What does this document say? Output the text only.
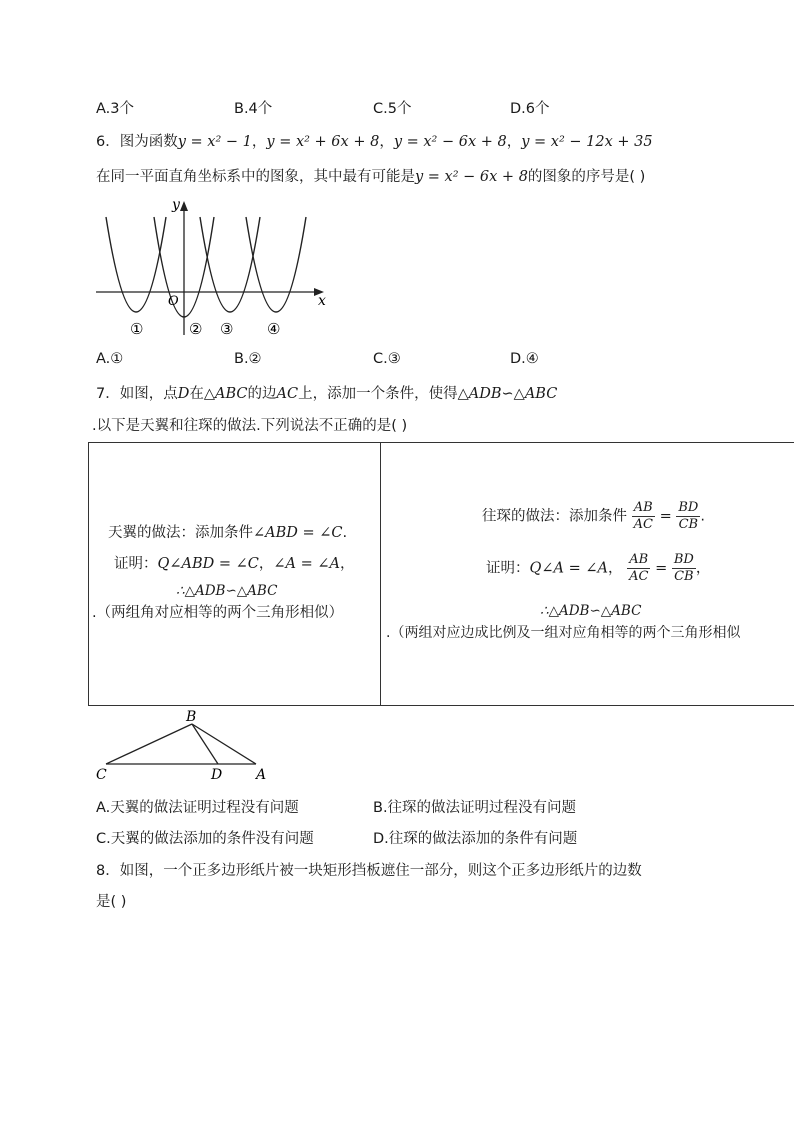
A.3个	B.4个	C.5个	D.6个
6．图为函数y = x² − 1，y = x² + 6x + 8，y = x² − 6x + 8，y = x² − 12x + 35
在同一平面直角坐标系中的图象，其中最有可能是y = x² − 6x + 8的图象的序号是( )
y
x
O
①	② ③ ④
A.①	B.②	C.③	D.④
7．如图，点D在△ABC的边AC上，添加一个条件，使得△ADB∽△ABC
.以下是天翼和往琛的做法.下列说法不正确的是( )
天翼的做法：添加条件∠ABD = ∠C.
证明：Q∠ABD = ∠C，∠A = ∠A，
∴△ADB∽△ABC
.（两组角对应相等的两个三角形相似）
往琛的做法：添加条件 $\frac{AB}{AC} = \frac{BD}{CB}$ .
证明：Q∠A = ∠A， $\frac{AB}{AC} = \frac{BD}{CB}$ ，
∴△ADB∽△ABC
.（两组对应边成比例及一组对应角相等的两个三角形相似
B
C	D A
A.天翼的做法证明过程没有问题	B.往琛的做法证明过程没有问题
C.天翼的做法添加的条件没有问题	D.往琛的做法添加的条件有问题
8．如图，一个正多边形纸片被一块矩形挡板遮住一部分，则这个正多边形纸片的边数
是( )
